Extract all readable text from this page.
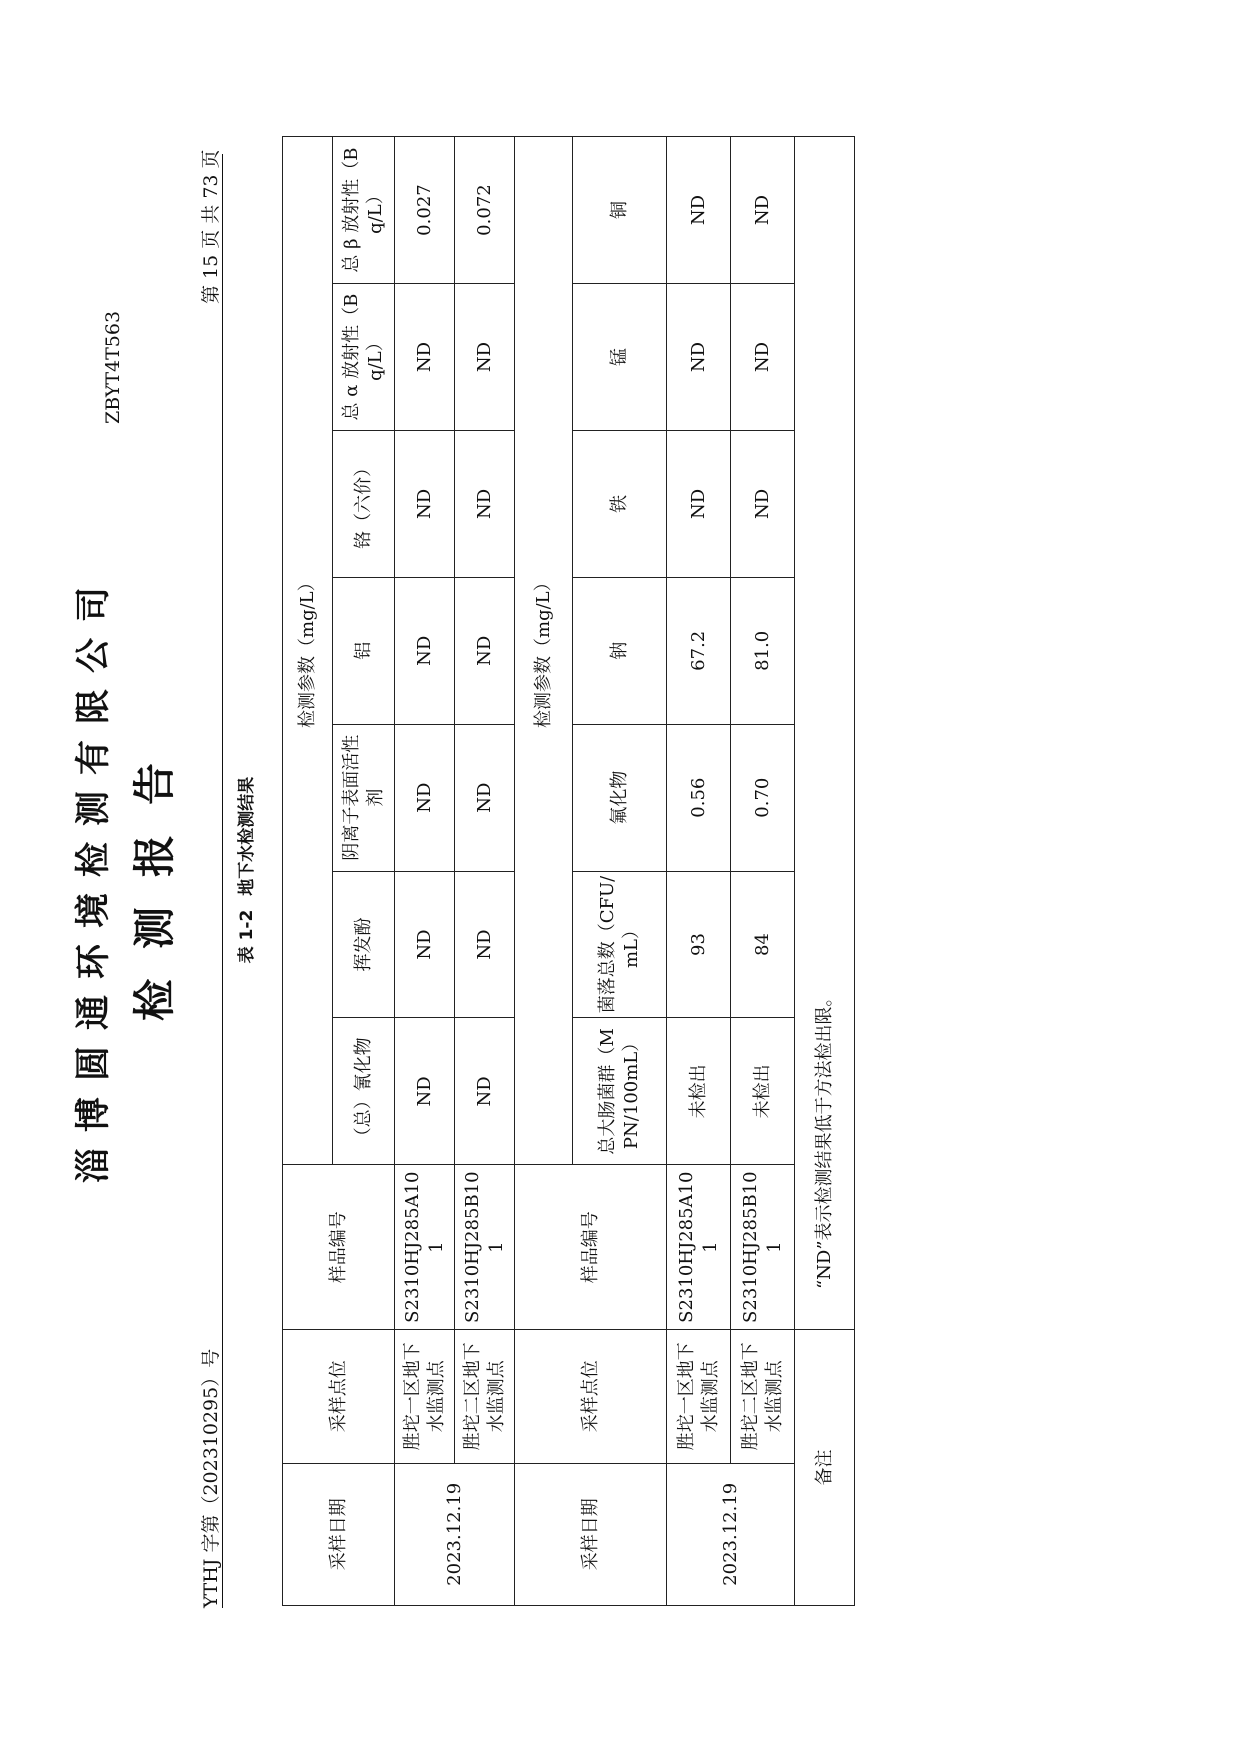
淄博圆通环境检测有限公司
ZBYT4T563
检测报告
YTHJ 字第（202310295）号
第 15 页 共 73 页
表 1-2地下水检测结果
采样日期	采样点位	样品编号	检测参数（mg/L）						
			（总）氰化物	挥发酚	阴离子表面活性剂	铝	铬（六价）	总 α 放射性（Bq/L）	总 β 放射性（Bq/L）
2023.12.19	胜坨一区地下水监测点	S2310HJ285A101	ND	ND	ND	ND	ND	ND	0.027
	胜坨二区地下水监测点	S2310HJ285B101	ND	ND	ND	ND	ND	ND	0.072
采样日期	采样点位	样品编号	检测参数（mg/L）						
			总大肠菌群（MPN/100mL）	菌落总数（CFU/mL）	氟化物	钠	铁	锰	铜
2023.12.19	胜坨一区地下水监测点	S2310HJ285A101	未检出	93	0.56	67.2	ND	ND	ND
	胜坨二区地下水监测点	S2310HJ285B101	未检出	84	0.70	81.0	ND	ND	ND
备注		“ND”表示检测结果低于方法检出限。							
